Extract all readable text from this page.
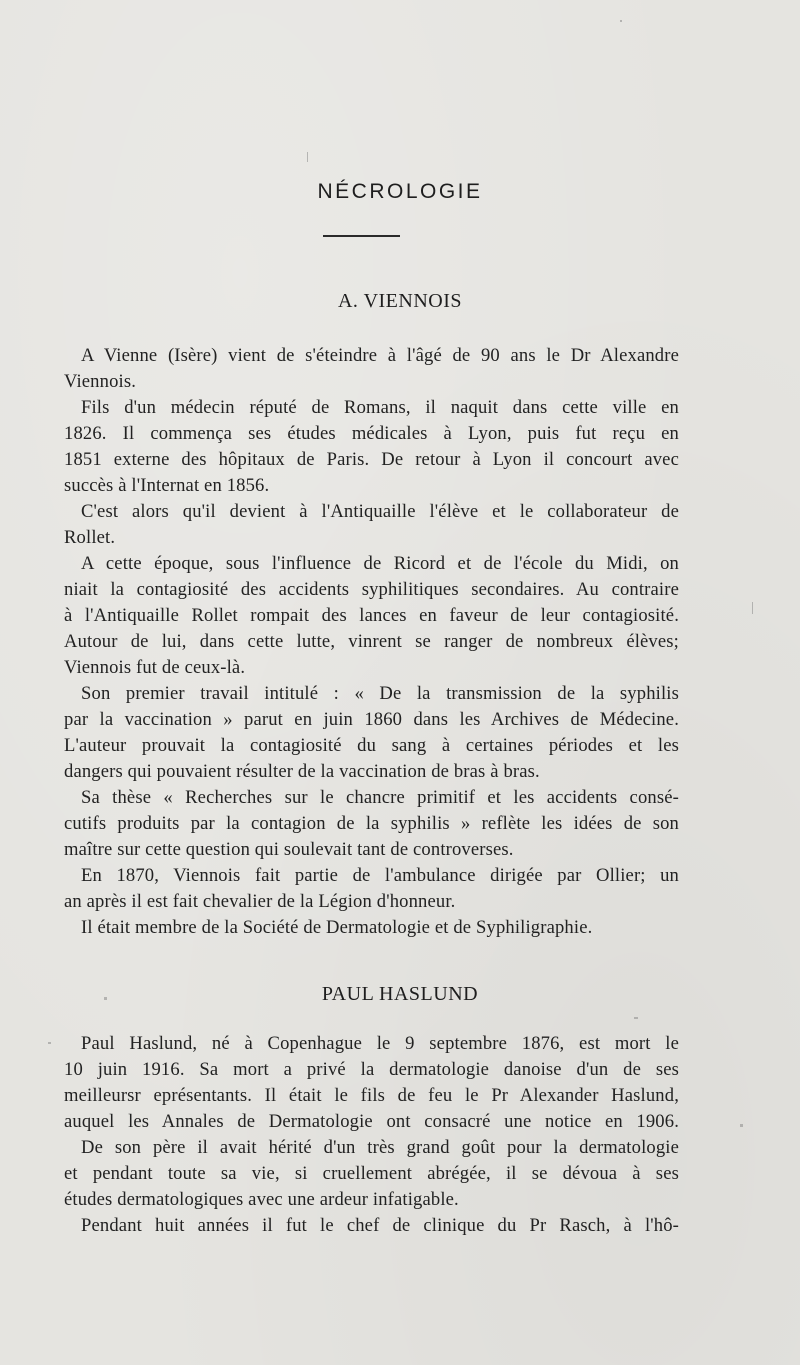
NÉCROLOGIE
A. VIENNOIS

A Vienne (Isère) vient de s'éteindre à l'âgé de 90 ans le Dr Alexandre
Viennois.

Fils d'un médecin réputé de Romans, il naquit dans cette ville en
1826. Il commença ses études médicales à Lyon, puis fut reçu en
1851 externe des hôpitaux de Paris. De retour à Lyon il concourt avec
succès à l'Internat en 1856.

C'est alors qu'il devient à l'Antiquaille l'élève et le collaborateur de
Rollet.

A cette époque, sous l'influence de Ricord et de l'école du Midi, on
niait la contagiosité des accidents syphilitiques secondaires. Au contraire
à l'Antiquaille Rollet rompait des lances en faveur de leur contagiosité.
Autour de lui, dans cette lutte, vinrent se ranger de nombreux élèves;
Viennois fut de ceux-là.

Son premier travail intitulé : « De la transmission de la syphilis
par la vaccination » parut en juin 1860 dans les Archives de Médecine.
L'auteur prouvait la contagiosité du sang à certaines périodes et les
dangers qui pouvaient résulter de la vaccination de bras à bras.

Sa thèse « Recherches sur le chancre primitif et les accidents consé-
cutifs produits par la contagion de la syphilis » reflète les idées de son
maître sur cette question qui soulevait tant de controverses.

En 1870, Viennois fait partie de l'ambulance dirigée par Ollier; un
an après il est fait chevalier de la Légion d'honneur.

Il était membre de la Société de Dermatologie et de Syphiligraphie.

PAUL HASLUND

Paul Haslund, né à Copenhague le 9 septembre 1876, est mort le
10 juin 1916. Sa mort a privé la dermatologie danoise d'un de ses
meilleursr eprésentants. Il était le fils de feu le Pr Alexander Haslund,
auquel les Annales de Dermatologie ont consacré une notice en 1906.

De son père il avait hérité d'un très grand goût pour la dermatologie
et pendant toute sa vie, si cruellement abrégée, il se dévoua à ses
études dermatologiques avec une ardeur infatigable.

Pendant huit années il fut le chef de clinique du Pr Rasch, à l'hô-
